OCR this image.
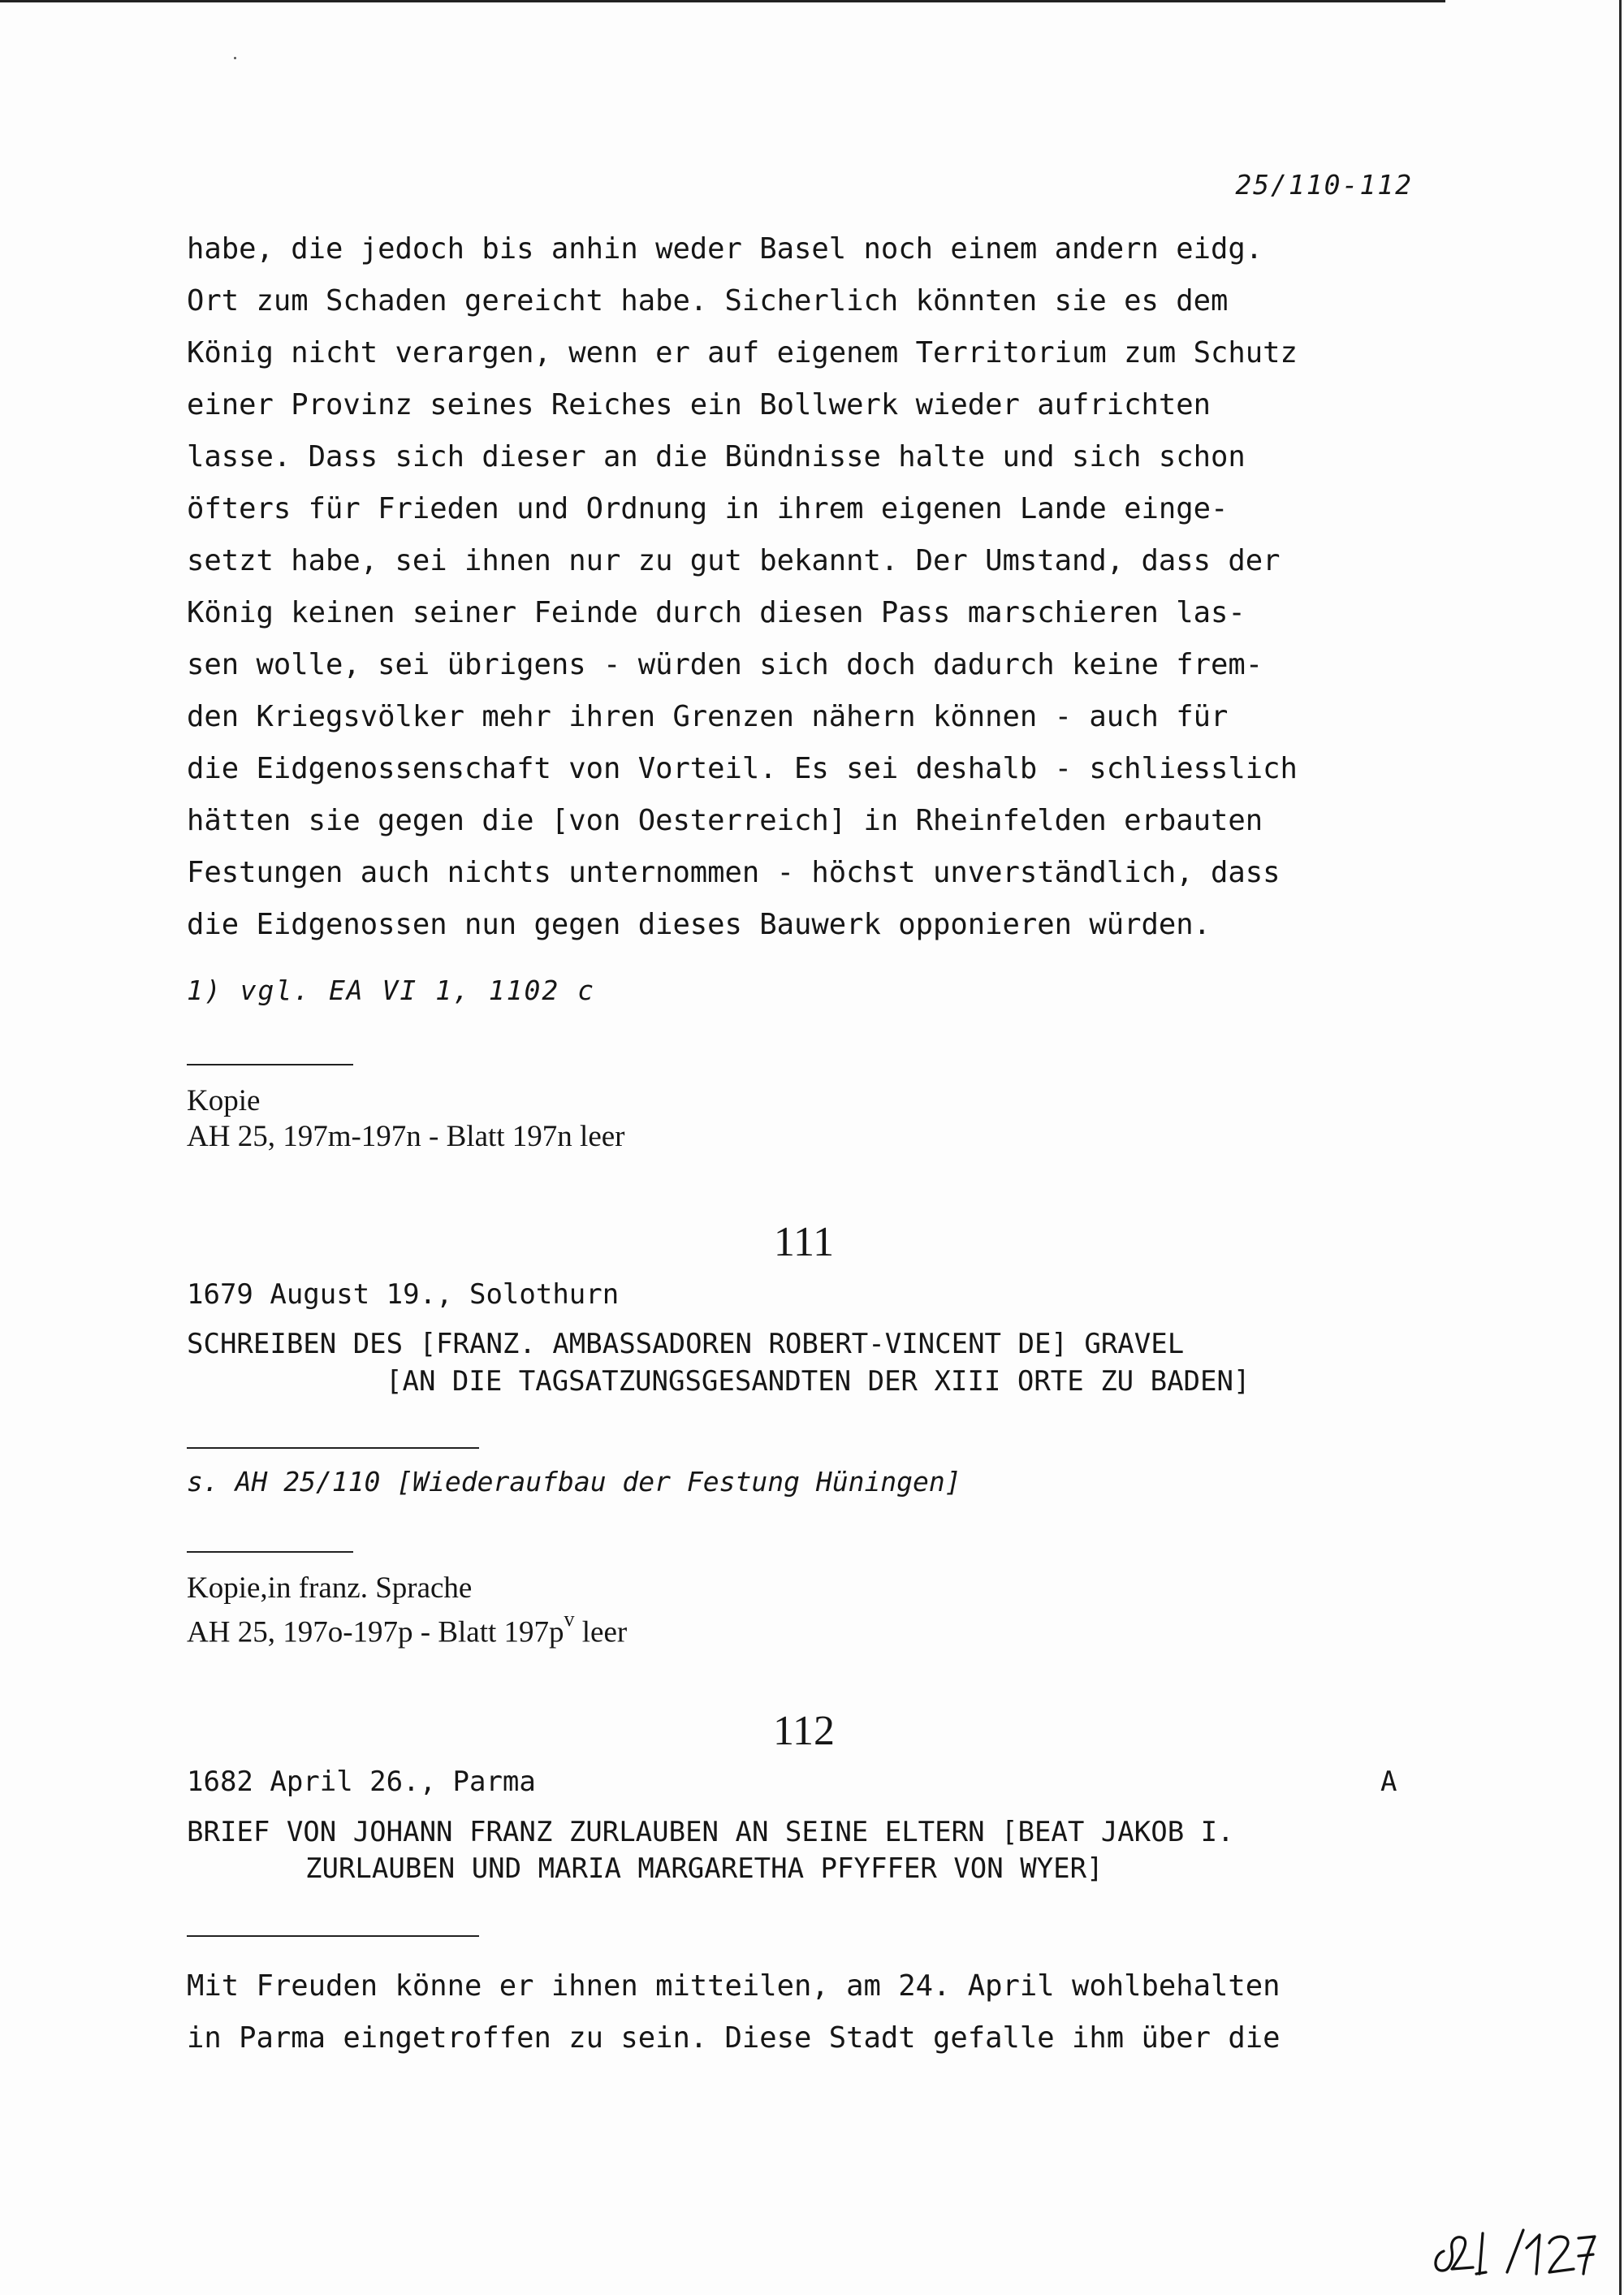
25/110-112
habe, die jedoch bis anhin weder Basel noch einem andern eidg.
Ort zum Schaden gereicht habe. Sicherlich könnten sie es dem
König nicht verargen, wenn er auf eigenem Territorium zum Schutz
einer Provinz seines Reiches ein Bollwerk wieder aufrichten
lasse. Dass sich dieser an die Bündnisse halte und sich schon
öfters für Frieden und Ordnung in ihrem eigenen Lande einge-
setzt habe, sei ihnen nur zu gut bekannt. Der Umstand, dass der
König keinen seiner Feinde durch diesen Pass marschieren las-
sen wolle, sei übrigens - würden sich doch dadurch keine frem-
den Kriegsvölker mehr ihren Grenzen nähern können - auch für
die Eidgenossenschaft von Vorteil. Es sei deshalb - schliesslich
hätten sie gegen die [von Oesterreich] in Rheinfelden erbauten
Festungen auch nichts unternommen - höchst unverständlich, dass
die Eidgenossen nun gegen dieses Bauwerk opponieren würden.
1) vgl. EA VI 1, 1102 c
Kopie
AH 25, 197m-197n - Blatt 197n leer
111
1679 August 19., Solothurn
SCHREIBEN DES [FRANZ. AMBASSADOREN ROBERT-VINCENT DE] GRAVEL
[AN DIE TAGSATZUNGSGESANDTEN DER XIII ORTE ZU BADEN]
s. AH 25/110 [Wiederaufbau der Festung Hüningen]
Kopie,in franz. Sprache
AH 25, 197o-197p - Blatt $197p^v$ leer
112
1682 April 26., Parma	A
BRIEF VON JOHANN FRANZ ZURLAUBEN AN SEINE ELTERN [BEAT JAKOB I.
ZURLAUBEN UND MARIA MARGARETHA PFYFFER VON WYER]
Mit Freuden könne er ihnen mitteilen, am 24. April wohlbehalten
in Parma eingetroffen zu sein. Diese Stadt gefalle ihm über die
